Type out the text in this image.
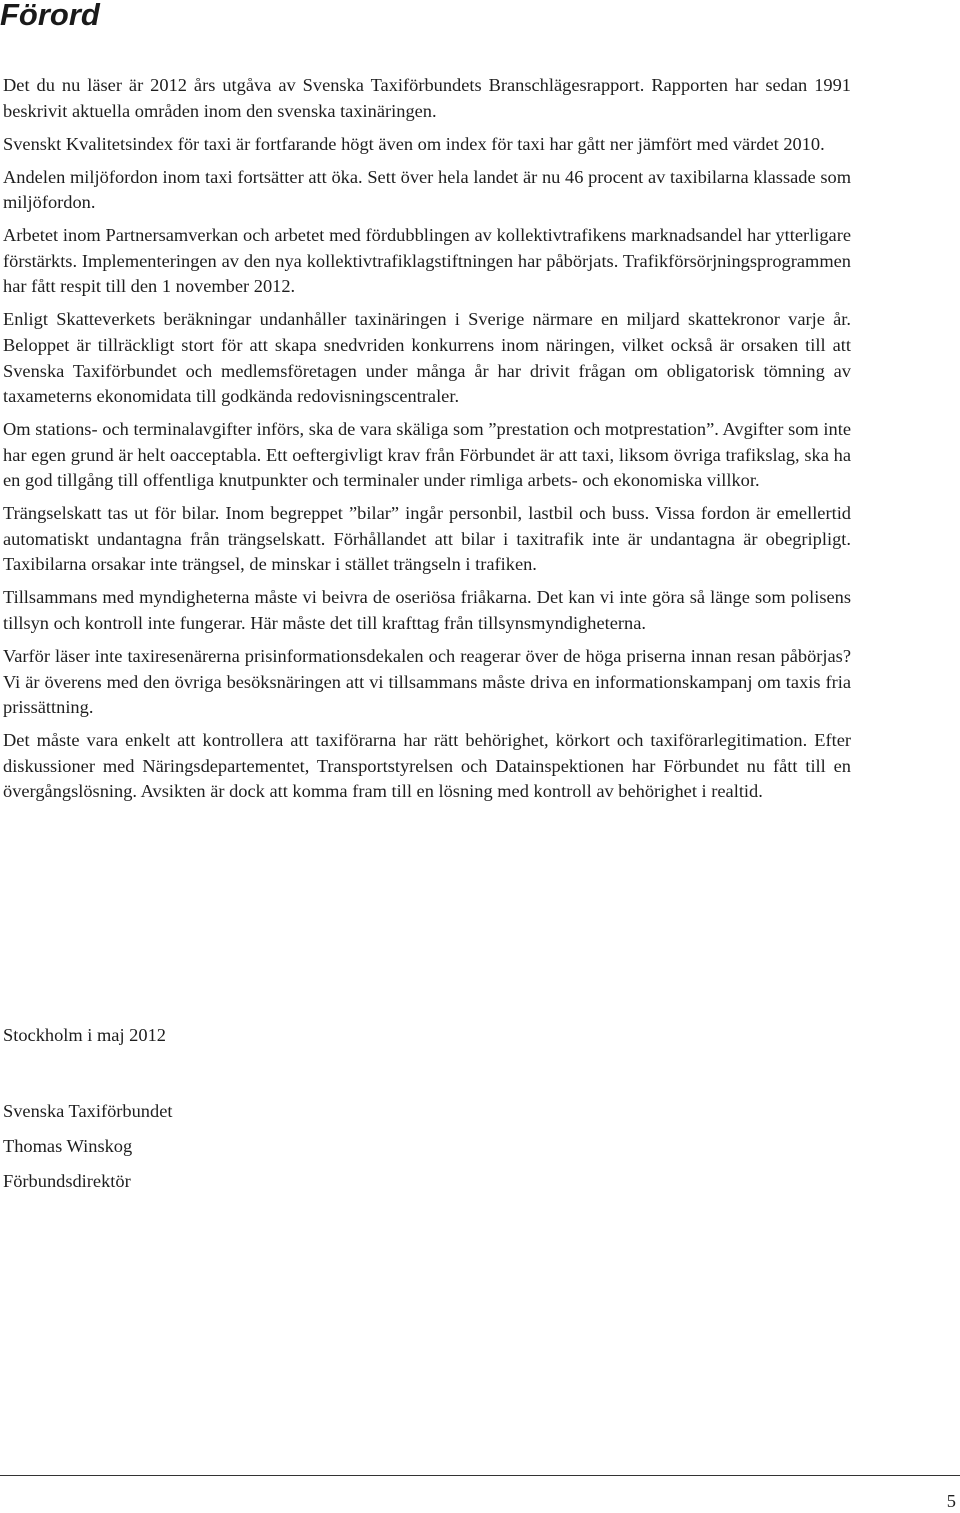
Förord

Det du nu läser är 2012 års utgåva av Svenska Taxiförbundets Branschlägesrapport. Rapporten har sedan 1991 beskrivit aktuella områden inom den svenska taxinäringen.

Svenskt Kvalitetsindex för taxi är fortfarande högt även om index för taxi har gått ner jämfört med värdet 2010.

Andelen miljöfordon inom taxi fortsätter att öka. Sett över hela landet är nu 46 procent av taxibilarna klassade som miljöfordon.

Arbetet inom Partnersamverkan och arbetet med fördubblingen av kollektivtrafikens marknadsandel har ytterligare förstärkts. Implementeringen av den nya kollektivtrafiklagstiftningen har påbörjats. Trafikförsörjningsprogrammen har fått respit till den 1 november 2012.

Enligt Skatteverkets beräkningar undanhåller taxinäringen i Sverige närmare en miljard skattekronor varje år. Beloppet är tillräckligt stort för att skapa snedvriden konkurrens inom näringen, vilket också är orsaken till att Svenska Taxiförbundet och medlemsföretagen under många år har drivit frågan om obligatorisk tömning av taxameterns ekonomidata till godkända redovisningscentraler.

Om stations- och terminalavgifter införs, ska de vara skäliga som ”prestation och motprestation”. Avgifter som inte har egen grund är helt oacceptabla. Ett oeftergivligt krav från Förbundet är att taxi, liksom övriga trafikslag, ska ha en god tillgång till offentliga knutpunkter och terminaler under rimliga arbets- och ekonomiska villkor.

Trängselskatt tas ut för bilar. Inom begreppet ”bilar” ingår personbil, lastbil och buss. Vissa fordon är emellertid automatiskt undantagna från trängselskatt. Förhållandet att bilar i taxitrafik inte är undantagna är obegripligt. Taxibilarna orsakar inte trängsel, de minskar i stället trängseln i trafiken.

Tillsammans med myndigheterna måste vi beivra de oseriösa friåkarna. Det kan vi inte göra så länge som polisens tillsyn och kontroll inte fungerar. Här måste det till krafttag från tillsynsmyndigheterna.

Varför läser inte taxiresenärerna prisinformationsdekalen och reagerar över de höga priserna innan resan påbörjas? Vi är överens med den övriga besöksnäringen att vi tillsammans måste driva en informationskampanj om taxis fria prissättning.

Det måste vara enkelt att kontrollera att taxiförarna har rätt behörighet, körkort och taxiförarlegitimation. Efter diskussioner med Näringsdepartementet, Transportstyrelsen och Datainspektionen har Förbundet nu fått till en övergångslösning. Avsikten är dock att komma fram till en lösning med kontroll av behörighet i realtid.

Stockholm i maj 2012

Svenska Taxiförbundet
Thomas Winskog
Förbundsdirektör
5
